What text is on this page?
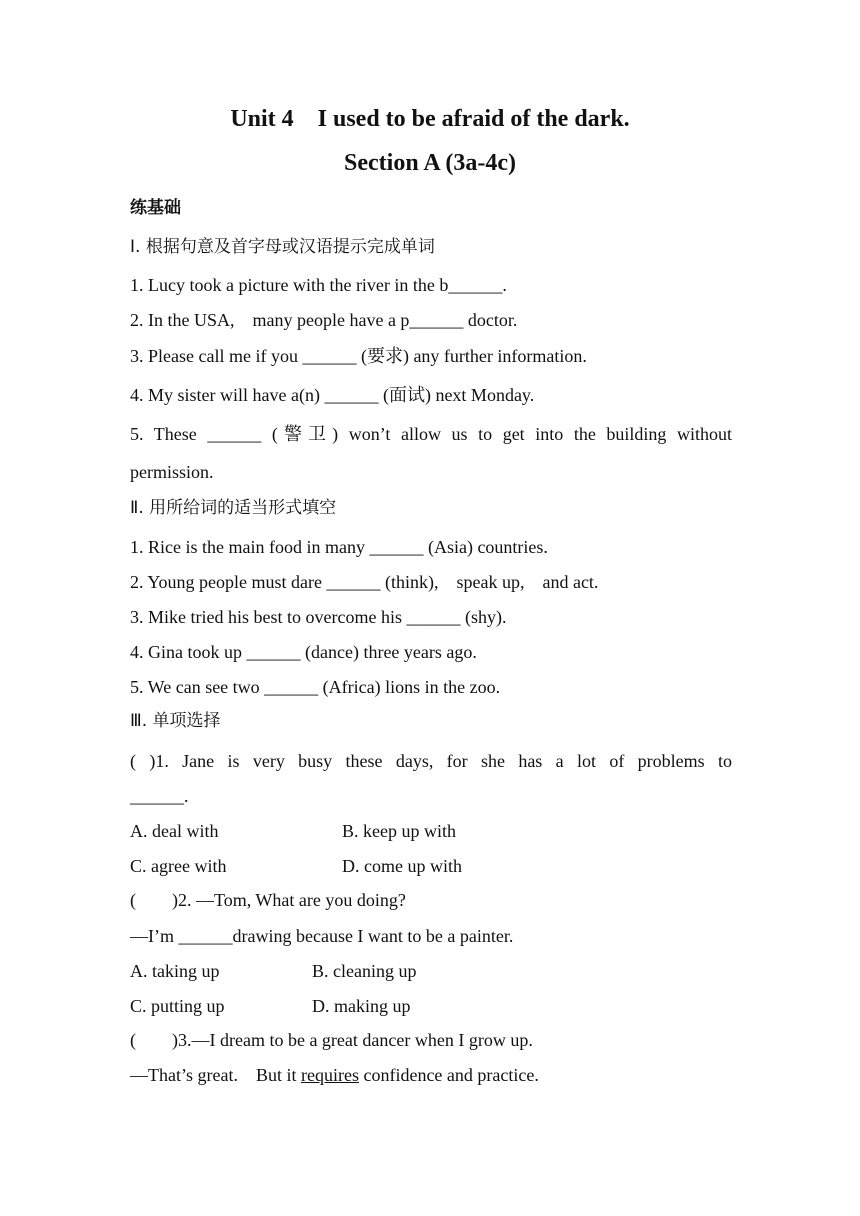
Unit 4    I used to be afraid of the dark.
Section A (3a-4c)
练基础
Ⅰ. 根据句意及首字母或汉语提示完成单词
1. Lucy took a picture with the river in the b______.
2. In the USA,    many people have a p______ doctor.
3. Please call me if you ______ (要求) any further information.
4. My sister will have a(n) ______ (面试) next Monday.
5. These ______ (警卫) won’t allow us to get into the building without
permission.
Ⅱ. 用所给词的适当形式填空
1. Rice is the main food in many ______ (Asia) countries.
2. Young people must dare ______ (think),    speak up,    and act.
3. Mike tried his best to overcome his ______ (shy).
4. Gina took up ______ (dance) three years ago.
5. We can see two ______ (Africa) lions in the zoo.
Ⅲ. 单项选择
( )1. Jane is very busy these days, for she has a lot of problems to
______.
A. deal with	B. keep up with
C. agree with	D. come up with
(        )2. —Tom, What are you doing?
—I’m ______drawing because I want to be a painter.
A. taking up	B. cleaning up
C. putting up	D. making up
(        )3.—I dream to be a great dancer when I grow up.
—That’s great.    But it requires confidence and practice.
